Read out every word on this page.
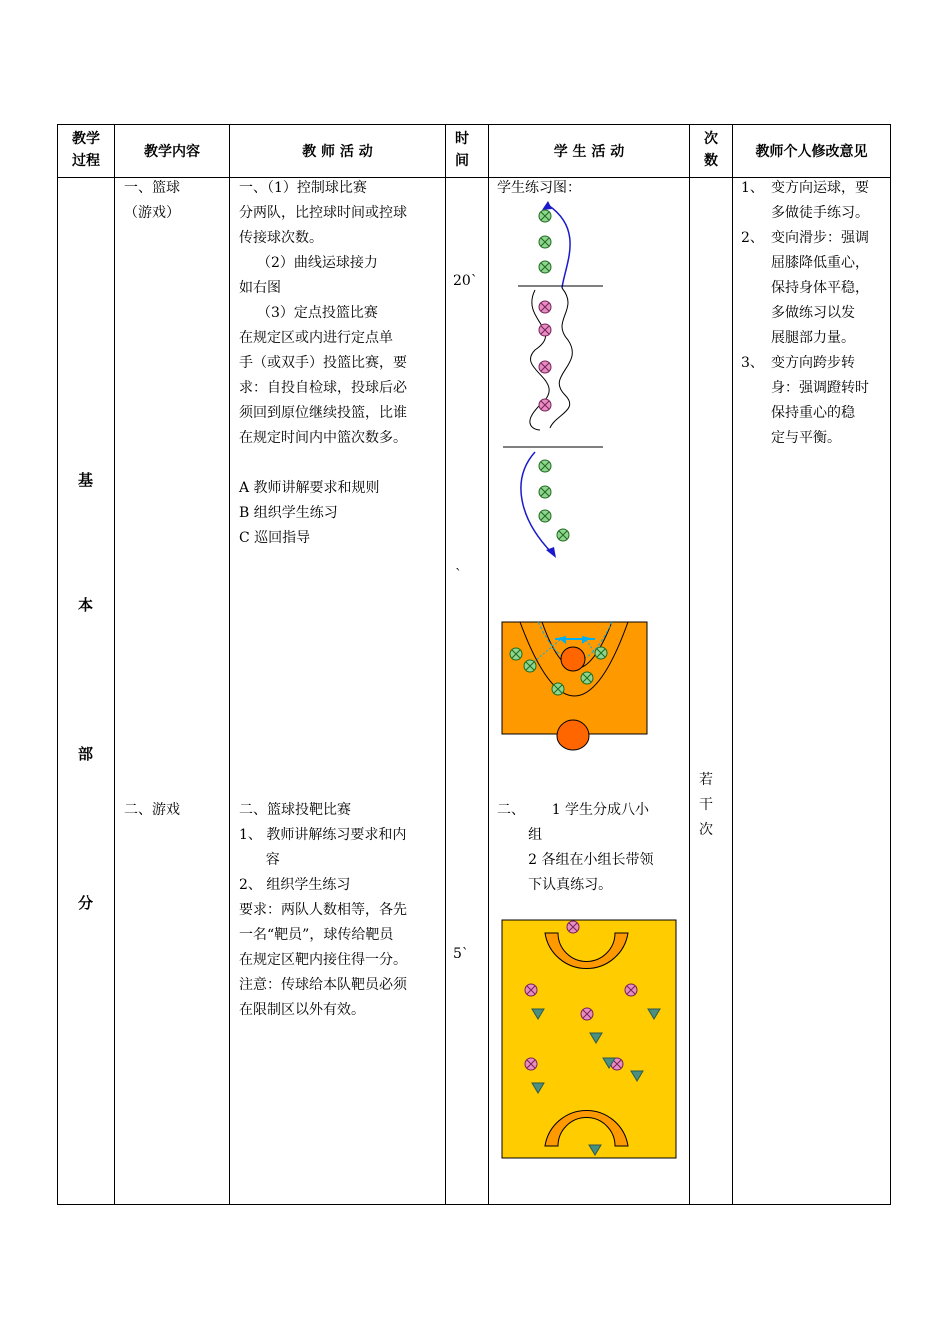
教学
过程
教学内容	教 师 活 动
时
间
学 生 活 动
次
数
教师个人修改意见
基
本
部
分
一、篮球
（游戏）
二、游戏
一、（1）控制球比赛
分两队，比控球时间或控球
传接球次数。
（2）曲线运球接力
如右图
（3）定点投篮比赛
在规定区或内进行定点单
手（或双手）投篮比赛，要
求：自投自检球，投球后必
须回到原位继续投篮，比谁
在规定时间内中篮次数多。
A 教师讲解要求和规则
B 组织学生练习
C 巡回指导
二、篮球投靶比赛
1、 教师讲解练习要求和内
容
2、 组织学生练习
要求：两队人数相等，各先
一名“靶员”，球传给靶员
在规定区靶内接住得一分。
注意：传球给本队靶员必须
在限制区以外有效。
20`
`
5`
学生练习图：
二、      1 学生分成八小
组
2 各组在小组长带领
下认真练习。
若
干
次
1、 变方向运球，要
多做徒手练习。
2、 变向滑步：强调
屈膝降低重心，
保持身体平稳，
多做练习以发
展腿部力量。
3、 变方向跨步转
身：强调蹬转时
保持重心的稳
定与平衡。
